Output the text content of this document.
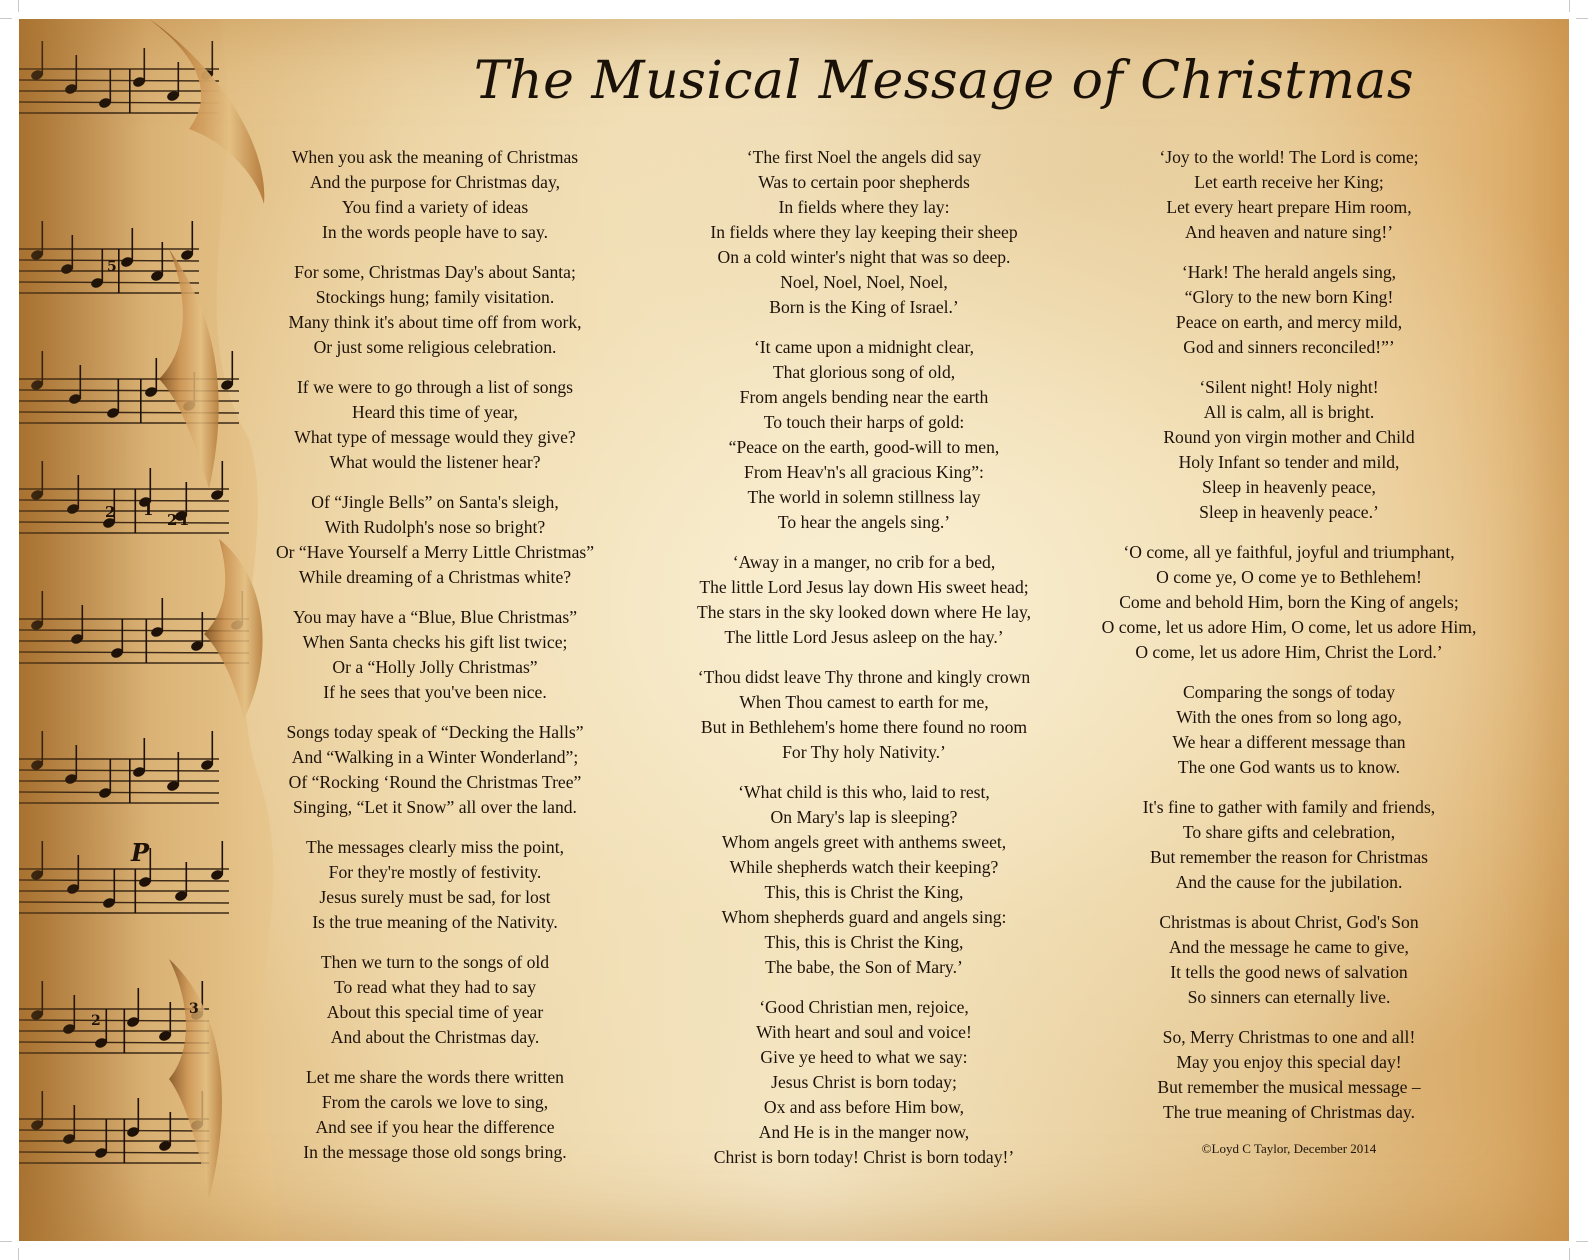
5
2 1
2 1
P
2
3
The Musical Message of Christmas
When you ask the meaning of Christmas
And the purpose for Christmas day,
You find a variety of ideas
In the words people have to say.
For some, Christmas Day's about Santa;
Stockings hung; family visitation.
Many think it's about time off from work,
Or just some religious celebration.
If we were to go through a list of songs
Heard this time of year,
What type of message would they give?
What would the listener hear?
Of “Jingle Bells” on Santa's sleigh,
With Rudolph's nose so bright?
Or “Have Yourself a Merry Little Christmas”
While dreaming of a Christmas white?
You may have a “Blue, Blue Christmas”
When Santa checks his gift list twice;
Or a “Holly Jolly Christmas”
If he sees that you've been nice.
Songs today speak of “Decking the Halls”
And “Walking in a Winter Wonderland”;
Of “Rocking ‘Round the Christmas Tree”
Singing, “Let it Snow” all over the land.
The messages clearly miss the point,
For they're mostly of festivity.
Jesus surely must be sad, for lost
Is the true meaning of the Nativity.
Then we turn to the songs of old
To read what they had to say
About this special time of year
And about the Christmas day.
Let me share the words there written
From the carols we love to sing,
And see if you hear the difference
In the message those old songs bring.
‘The first Noel the angels did say
Was to certain poor shepherds
In fields where they lay:
In fields where they lay keeping their sheep
On a cold winter's night that was so deep.
Noel, Noel, Noel, Noel,
Born is the King of Israel.’
‘It came upon a midnight clear,
That glorious song of old,
From angels bending near the earth
To touch their harps of gold:
“Peace on the earth, good-will to men,
From Heav'n's all gracious King”:
The world in solemn stillness lay
To hear the angels sing.’
‘Away in a manger, no crib for a bed,
The little Lord Jesus lay down His sweet head;
The stars in the sky looked down where He lay,
The little Lord Jesus asleep on the hay.’
‘Thou didst leave Thy throne and kingly crown
When Thou camest to earth for me,
But in Bethlehem's home there found no room
For Thy holy Nativity.’
‘What child is this who, laid to rest,
On Mary's lap is sleeping?
Whom angels greet with anthems sweet,
While shepherds watch their keeping?
This, this is Christ the King,
Whom shepherds guard and angels sing:
This, this is Christ the King,
The babe, the Son of Mary.’
‘Good Christian men, rejoice,
With heart and soul and voice!
Give ye heed to what we say:
Jesus Christ is born today;
Ox and ass before Him bow,
And He is in the manger now,
Christ is born today! Christ is born today!’
‘Joy to the world! The Lord is come;
Let earth receive her King;
Let every heart prepare Him room,
And heaven and nature sing!’
‘Hark! The herald angels sing,
“Glory to the new born King!
Peace on earth, and mercy mild,
God and sinners reconciled!”’
‘Silent night! Holy night!
All is calm, all is bright.
Round yon virgin mother and Child
Holy Infant so tender and mild,
Sleep in heavenly peace,
Sleep in heavenly peace.’
‘O come, all ye faithful, joyful and triumphant,
O come ye, O come ye to Bethlehem!
Come and behold Him, born the King of angels;
O come, let us adore Him, O come, let us adore Him,
O come, let us adore Him, Christ the Lord.’
Comparing the songs of today
With the ones from so long ago,
We hear a different message than
The one God wants us to know.
It's fine to gather with family and friends,
To share gifts and celebration,
But remember the reason for Christmas
And the cause for the jubilation.
Christmas is about Christ, God's Son
And the message he came to give,
It tells the good news of salvation
So sinners can eternally live.
So, Merry Christmas to one and all!
May you enjoy this special day!
But remember the musical message –
The true meaning of Christmas day.
©Loyd C Taylor, December 2014
